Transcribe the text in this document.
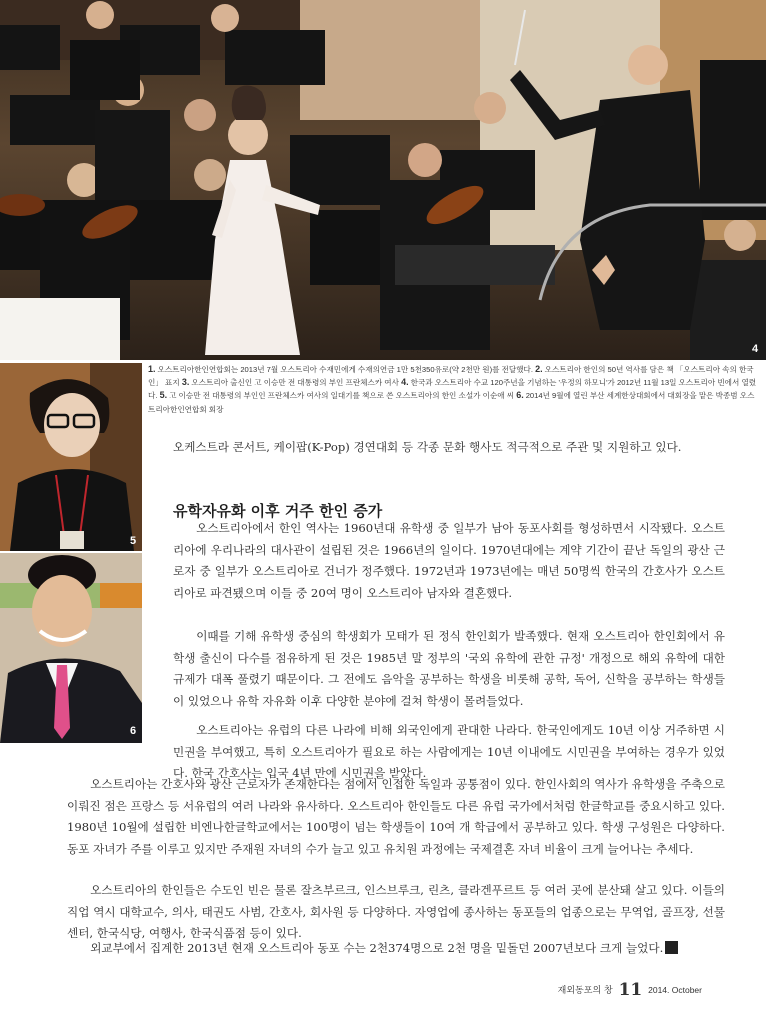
4
1. 오스트리아한인연합회는 2013년 7월 오스트리아 수재민에게 수재의연금 1만 5천350유로(약 2천만 원)를 전달했다. 2. 오스트리아 한인의 50년 역사를 담은 책 「오스트리아 속의 한국인」 표지 3. 오스트리아 출신인 고 이승만 전 대통령의 부인 프란체스카 여사 4. 한국과 오스트리아 수교 120주년을 기념하는 '우정의 하모니'가 2012년 11월 13일 오스트리아 빈에서 열렸다. 5. 고 이승만 전 대통령의 부인인 프란체스카 여사의 일대기를 책으로 쓴 오스트리아의 한인 소설가 이순애 씨 6. 2014년 9월에 열린 부산 세계한상대회에서 대회장을 맡은 박종범 오스트리아한인연합회 회장
5
6

오케스트라 콘서트, 케이팝(K-Pop) 경연대회 등 각종 문화 행사도 적극적으로 주관 및 지원하고 있다.

유학자유화 이후 거주 한인 증가

오스트리아에서 한인 역사는 1960년대 유학생 중 일부가 남아 동포사회를 형성하면서 시작됐다. 오스트리아에 우리나라의 대사관이 설립된 것은 1966년의 일이다. 1970년대에는 계약 기간이 끝난 독일의 광산 근로자 중 일부가 오스트리아로 건너가 정주했다. 1972년과 1973년에는 매년 50명씩 한국의 간호사가 오스트리아로 파견됐으며 이들 중 20여 명이 오스트리아 남자와 결혼했다.

이때를 기해 유학생 중심의 학생회가 모태가 된 정식 한인회가 발족했다. 현재 오스트리아 한인회에서 유학생 출신이 다수를 점유하게 된 것은 1985년 말 정부의 '국외 유학에 관한 규정' 개정으로 해외 유학에 대한 규제가 대폭 풀렸기 때문이다. 그 전에도 음악을 공부하는 학생을 비롯해 공학, 독어, 신학을 공부하는 학생들이 있었으나 유학 자유화 이후 다양한 분야에 걸쳐 학생이 몰려들었다.

오스트리아는 유럽의 다른 나라에 비해 외국인에게 관대한 나라다. 한국인에게도 10년 이상 거주하면 시민권을 부여했고, 특히 오스트리아가 필요로 하는 사람에게는 10년 이내에도 시민권을 부여하는 경우가 있었다. 한국 간호사는 입국 4년 만에 시민권을 받았다.

오스트리아는 간호사와 광산 근로자가 존재한다는 점에서 인접한 독일과 공통점이 있다. 한인사회의 역사가 유학생을 주축으로 이뤄진 점은 프랑스 등 서유럽의 여러 나라와 유사하다. 오스트리아 한인들도 다른 유럽 국가에서처럼 한글학교를 중요시하고 있다. 1980년 10월에 설립한 비엔나한글학교에서는 100명이 넘는 학생들이 10여 개 학급에서 공부하고 있다. 학생 구성원은 다양하다. 동포 자녀가 주를 이루고 있지만 주재원 자녀의 수가 늘고 있고 유치원 과정에는 국제결혼 자녀 비율이 크게 늘어나는 추세다.

오스트리아의 한인들은 수도인 빈은 물론 잘츠부르크, 인스브루크, 린츠, 클라겐푸르트 등 여러 곳에 분산돼 살고 있다. 이들의 직업 역시 대학교수, 의사, 태권도 사범, 간호사, 회사원 등 다양하다. 자영업에 종사하는 동포들의 업종으로는 무역업, 골프장, 선물센터, 한국식당, 여행사, 한국식품점 등이 있다.

외교부에서 집계한 2013년 현재 오스트리아 동포 수는 2천374명으로 2천 명을 밑돌던 2007년보다 크게 늘었다.

재외동포의 창 11 2014. October
